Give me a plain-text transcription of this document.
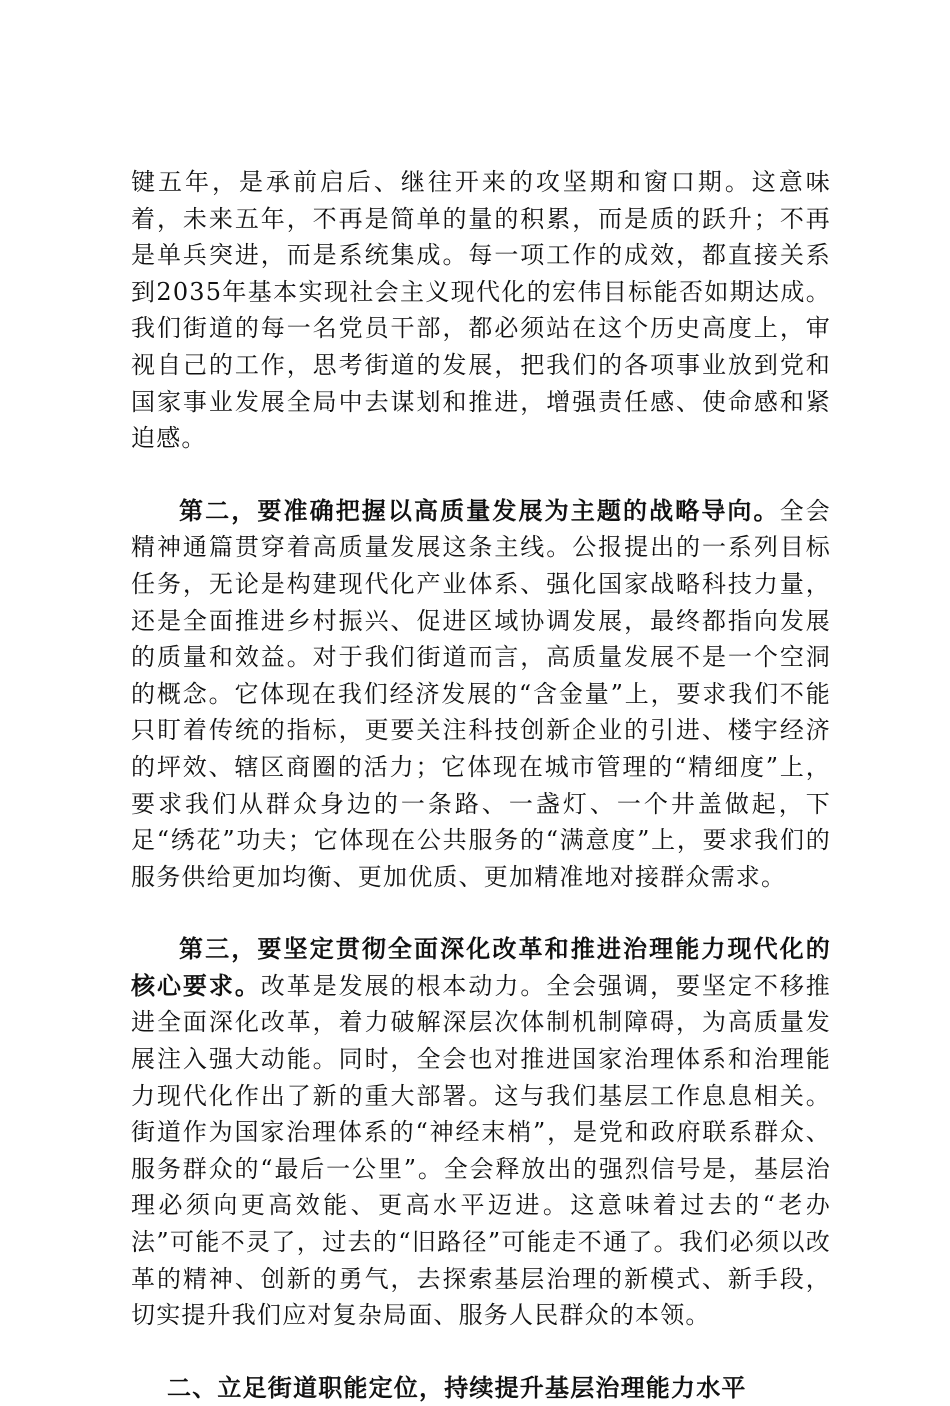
键五年，是承前启后、继往开来的攻坚期和窗口期。这意味着，未来五年，不再是简单的量的积累，而是质的跃升；不再是单兵突进，而是系统集成。每一项工作的成效，都直接关系到2035年基本实现社会主义现代化的宏伟目标能否如期达成。我们街道的每一名党员干部，都必须站在这个历史高度上，审视自己的工作，思考街道的发展，把我们的各项事业放到党和国家事业发展全局中去谋划和推进，增强责任感、使命感和紧迫感。

第二，要准确把握以高质量发展为主题的战略导向。全会精神通篇贯穿着高质量发展这条主线。公报提出的一系列目标任务，无论是构建现代化产业体系、强化国家战略科技力量，还是全面推进乡村振兴、促进区域协调发展，最终都指向发展的质量和效益。对于我们街道而言，高质量发展不是一个空洞的概念。它体现在我们经济发展的“含金量”上，要求我们不能只盯着传统的指标，更要关注科技创新企业的引进、楼宇经济的坪效、辖区商圈的活力；它体现在城市管理的“精细度”上，要求我们从群众身边的一条路、一盏灯、一个井盖做起，下足“绣花”功夫；它体现在公共服务的“满意度”上，要求我们的服务供给更加均衡、更加优质、更加精准地对接群众需求。

第三，要坚定贯彻全面深化改革和推进治理能力现代化的核心要求。改革是发展的根本动力。全会强调，要坚定不移推进全面深化改革，着力破解深层次体制机制障碍，为高质量发展注入强大动能。同时，全会也对推进国家治理体系和治理能力现代化作出了新的重大部署。这与我们基层工作息息相关。街道作为国家治理体系的“神经末梢”，是党和政府联系群众、服务群众的“最后一公里”。全会释放出的强烈信号是，基层治理必须向更高效能、更高水平迈进。这意味着过去的“老办法”可能不灵了，过去的“旧路径”可能走不通了。我们必须以改革的精神、创新的勇气，去探索基层治理的新模式、新手段，切实提升我们应对复杂局面、服务人民群众的本领。

二、立足街道职能定位，持续提升基层治理能力水平
